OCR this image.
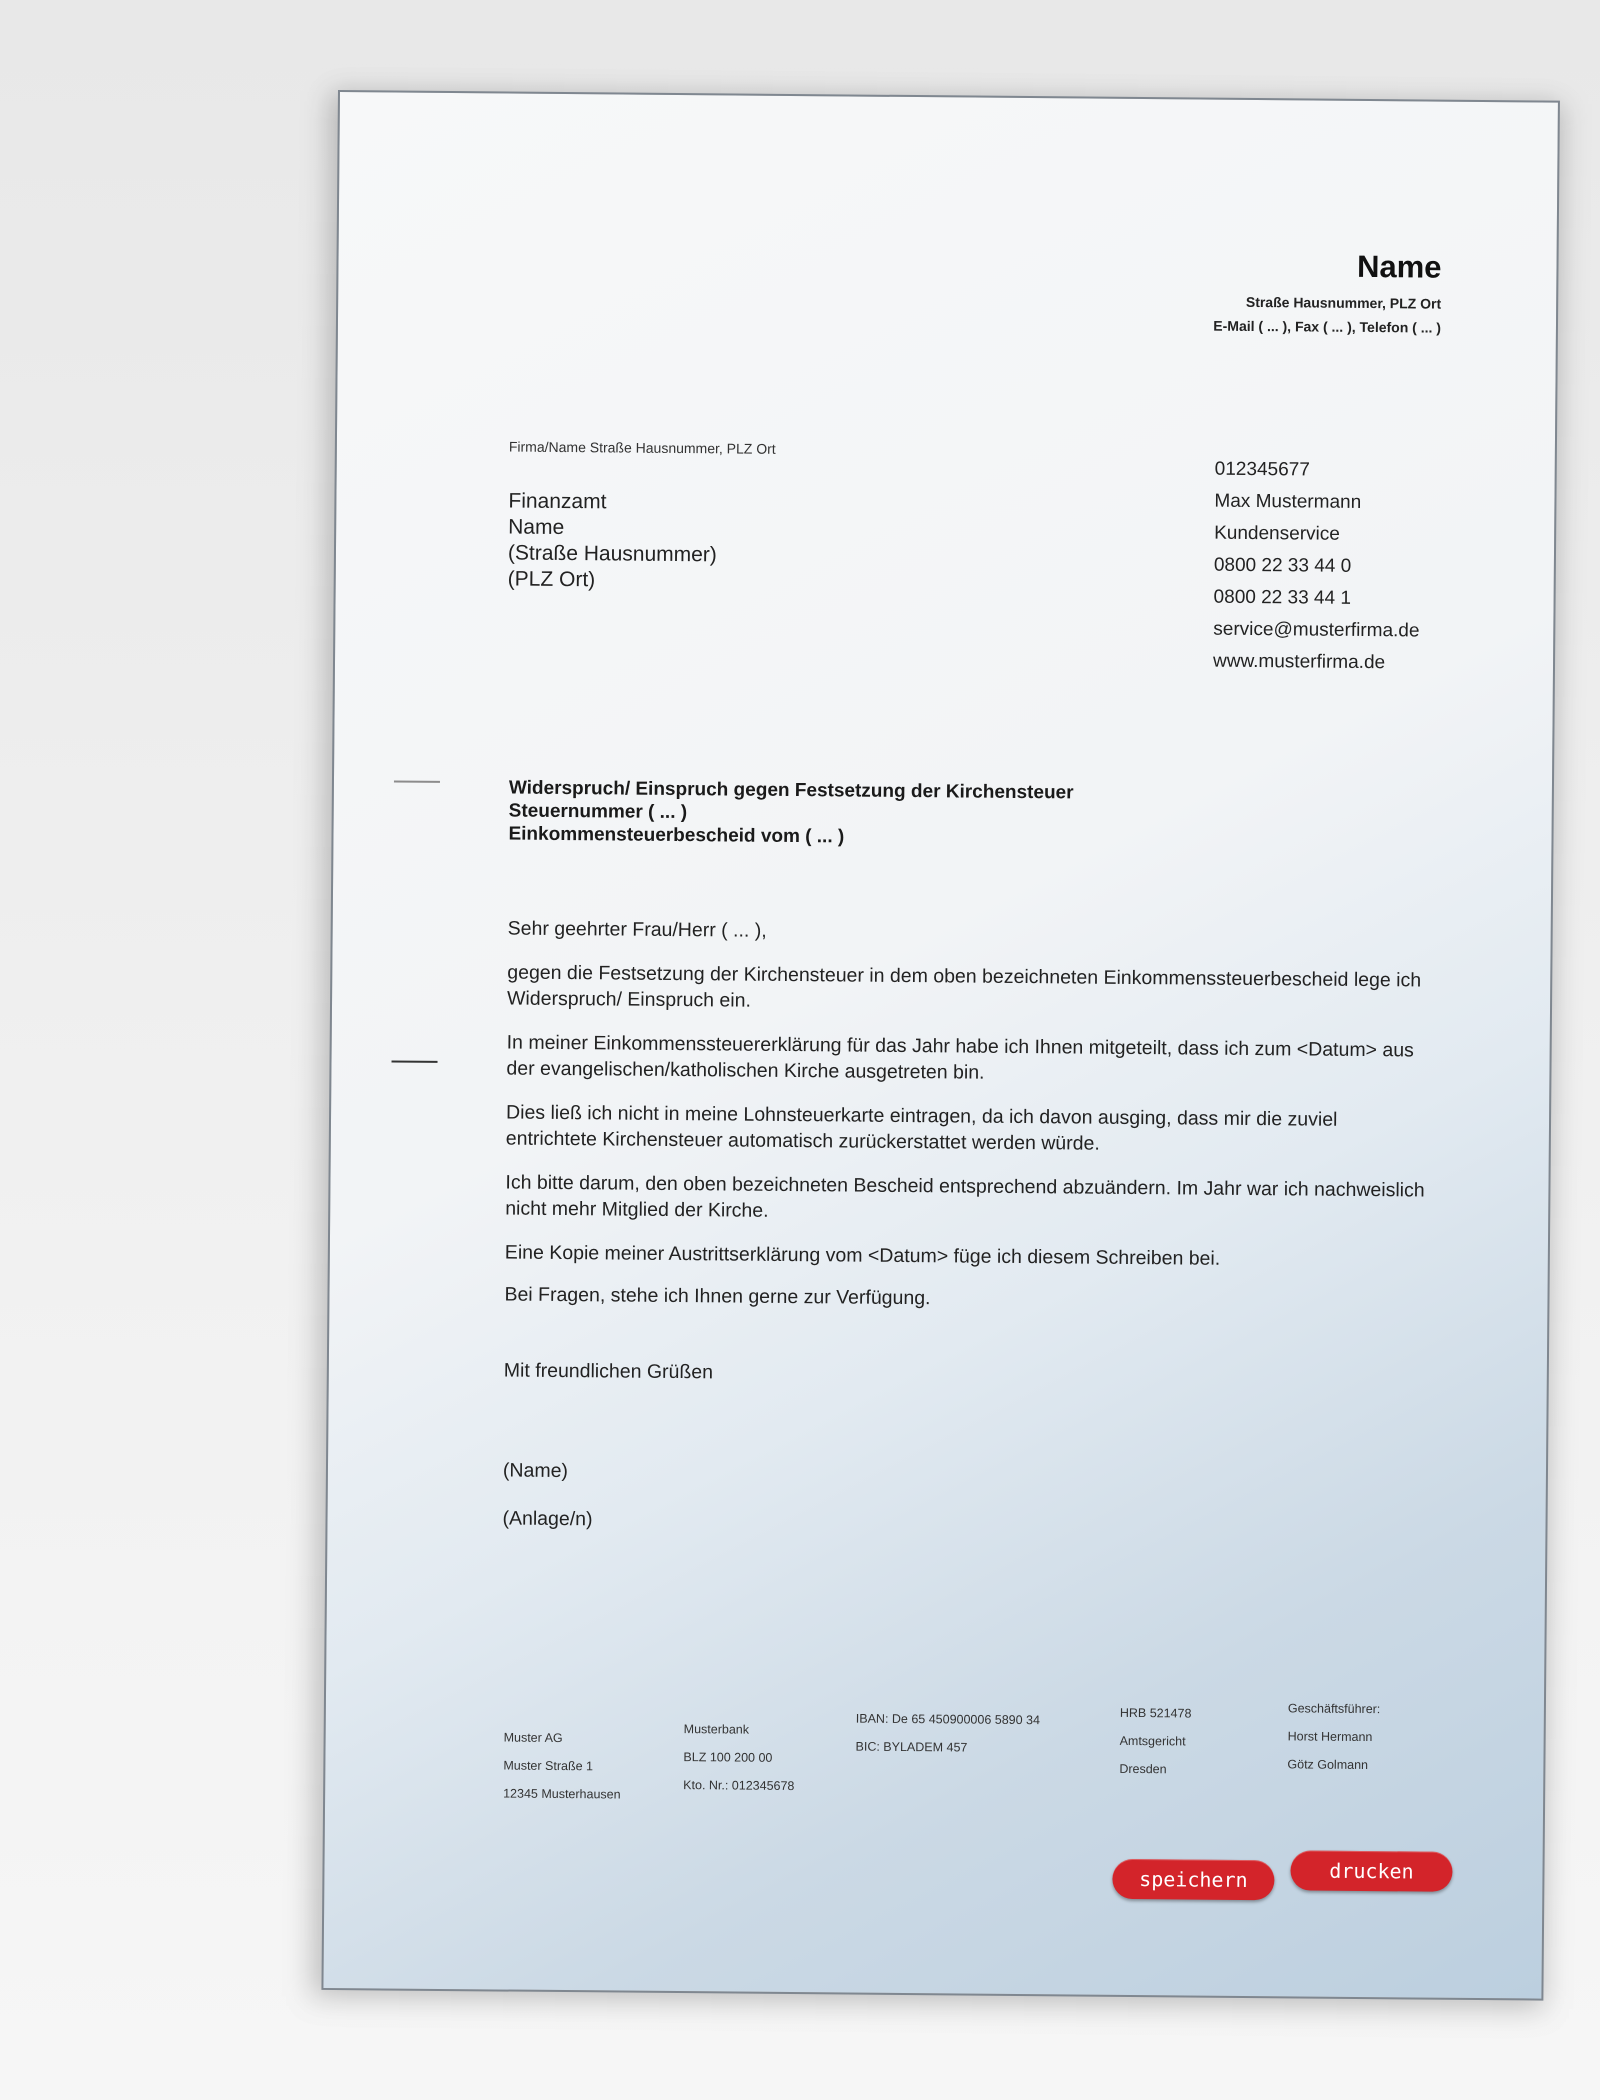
Name
Straße Hausnummer, PLZ Ort
E-Mail ( ... ), Fax ( ... ), Telefon ( ... )
Firma/Name Straße Hausnummer, PLZ Ort
Finanzamt
Name
(Straße Hausnummer)
(PLZ Ort)
012345677
Max Mustermann
Kundenservice
0800 22 33 44 0
0800 22 33 44 1
service@musterfirma.de
www.musterfirma.de
Widerspruch/ Einspruch gegen Festsetzung der Kirchensteuer
Steuernummer ( ... )
Einkommensteuerbescheid vom ( ... )

Sehr geehrter Frau/Herr ( ... ),

gegen die Festsetzung der Kirchensteuer in dem oben bezeichneten Einkommenssteuerbescheid lege ich Widerspruch/ Einspruch ein.

In meiner Einkommenssteuererklärung für das Jahr habe ich Ihnen mitgeteilt, dass ich zum <Datum> aus der evangelischen/katholischen Kirche ausgetreten bin.

Dies ließ ich nicht in meine Lohnsteuerkarte eintragen, da ich davon ausging, dass mir die zuviel entrichtete Kirchensteuer automatisch zurückerstattet werden würde.

Ich bitte darum, den oben bezeichneten Bescheid entsprechend abzuändern. Im Jahr war ich nachweislich nicht mehr Mitglied der Kirche.

Eine Kopie meiner Austrittserklärung vom <Datum> füge ich diesem Schreiben bei.

Bei Fragen, stehe ich Ihnen gerne zur Verfügung.

Mit freundlichen Grüßen

(Name)

(Anlage/n)

Muster AG
Muster Straße 1
12345 Musterhausen
Musterbank
BLZ 100 200 00
Kto. Nr.: 012345678
IBAN: De 65 450900006 5890 34
BIC: BYLADEM 457
HRB 521478
Amtsgericht
Dresden
Geschäftsführer:
Horst Hermann
Götz Golmann
speichern	drucken
